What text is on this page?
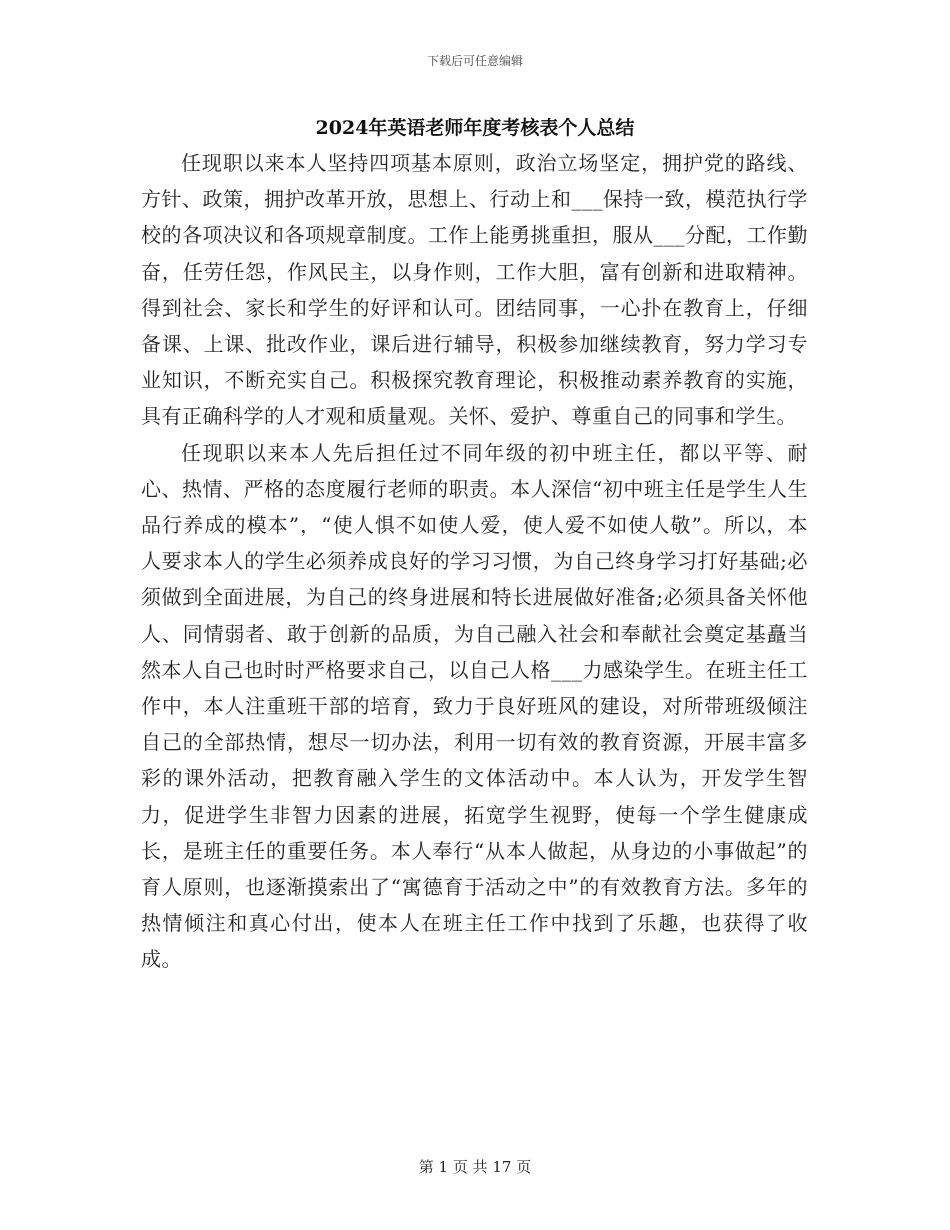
下载后可任意编辑
2024年英语老师年度考核表个人总结

任现职以来本人坚持四项基本原则，政治立场坚定，拥护党的路线、方针、政策，拥护改革开放，思想上、行动上和___保持一致，模范执行学校的各项决议和各项规章制度。工作上能勇挑重担，服从___分配，工作勤奋，任劳任怨，作风民主，以身作则，工作大胆，富有创新和进取精神。得到社会、家长和学生的好评和认可。团结同事，一心扑在教育上，仔细备课、上课、批改作业，课后进行辅导，积极参加继续教育，努力学习专业知识，不断充实自己。积极探究教育理论，积极推动素养教育的实施，具有正确科学的人才观和质量观。关怀、爱护、尊重自己的同事和学生。

任现职以来本人先后担任过不同年级的初中班主任，都以平等、耐心、热情、严格的态度履行老师的职责。本人深信“初中班主任是学生人生品行养成的模本”，“使人惧不如使人爱，使人爱不如使人敬”。所以，本人要求本人的学生必须养成良好的学习习惯，为自己终身学习打好基础;必须做到全面进展，为自己的终身进展和特长进展做好准备;必须具备关怀他人、同情弱者、敢于创新的品质，为自己融入社会和奉献社会奠定基矗当然本人自己也时时严格要求自己，以自己人格___力感染学生。在班主任工作中，本人注重班干部的培育，致力于良好班风的建设，对所带班级倾注自己的全部热情，想尽一切办法，利用一切有效的教育资源，开展丰富多彩的课外活动，把教育融入学生的文体活动中。本人认为，开发学生智力，促进学生非智力因素的进展，拓宽学生视野，使每一个学生健康成长，是班主任的重要任务。本人奉行“从本人做起，从身边的小事做起”的育人原则，也逐渐摸索出了“寓德育于活动之中”的有效教育方法。多年的热情倾注和真心付出，使本人在班主任工作中找到了乐趣，也获得了收成。

第 1 页 共 17 页
